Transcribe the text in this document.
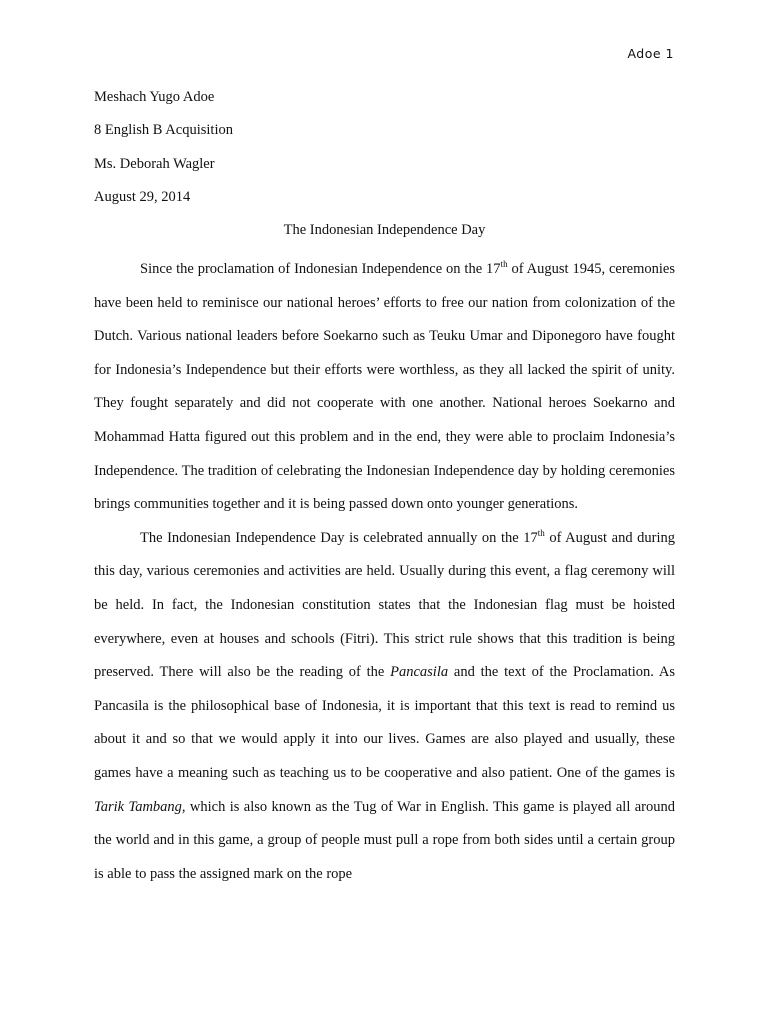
Adoe 1
Meshach Yugo Adoe
8 English B Acquisition
Ms. Deborah Wagler
August 29, 2014
The Indonesian Independence Day

Since the proclamation of Indonesian Independence on the 17th of August 1945, ceremonies have been held to reminisce our national heroes’ efforts to free our nation from colonization of the Dutch. Various national leaders before Soekarno such as Teuku Umar and Diponegoro have fought for Indonesia’s Independence but their efforts were worthless, as they all lacked the spirit of unity. They fought separately and did not cooperate with one another. National heroes Soekarno and Mohammad Hatta figured out this problem and in the end, they were able to proclaim Indonesia’s Independence. The tradition of celebrating the Indonesian Independence day by holding ceremonies brings communities together and it is being passed down onto younger generations.

The Indonesian Independence Day is celebrated annually on the 17th of August and during this day, various ceremonies and activities are held. Usually during this event, a flag ceremony will be held. In fact, the Indonesian constitution states that the Indonesian flag must be hoisted everywhere, even at houses and schools (Fitri). This strict rule shows that this tradition is being preserved. There will also be the reading of the Pancasila and the text of the Proclamation. As Pancasila is the philosophical base of Indonesia, it is important that this text is read to remind us about it and so that we would apply it into our lives. Games are also played and usually, these games have a meaning such as teaching us to be cooperative and also patient. One of the games is Tarik Tambang, which is also known as the Tug of War in English. This game is played all around the world and in this game, a group of people must pull a rope from both sides until a certain group is able to pass the assigned mark on the rope
